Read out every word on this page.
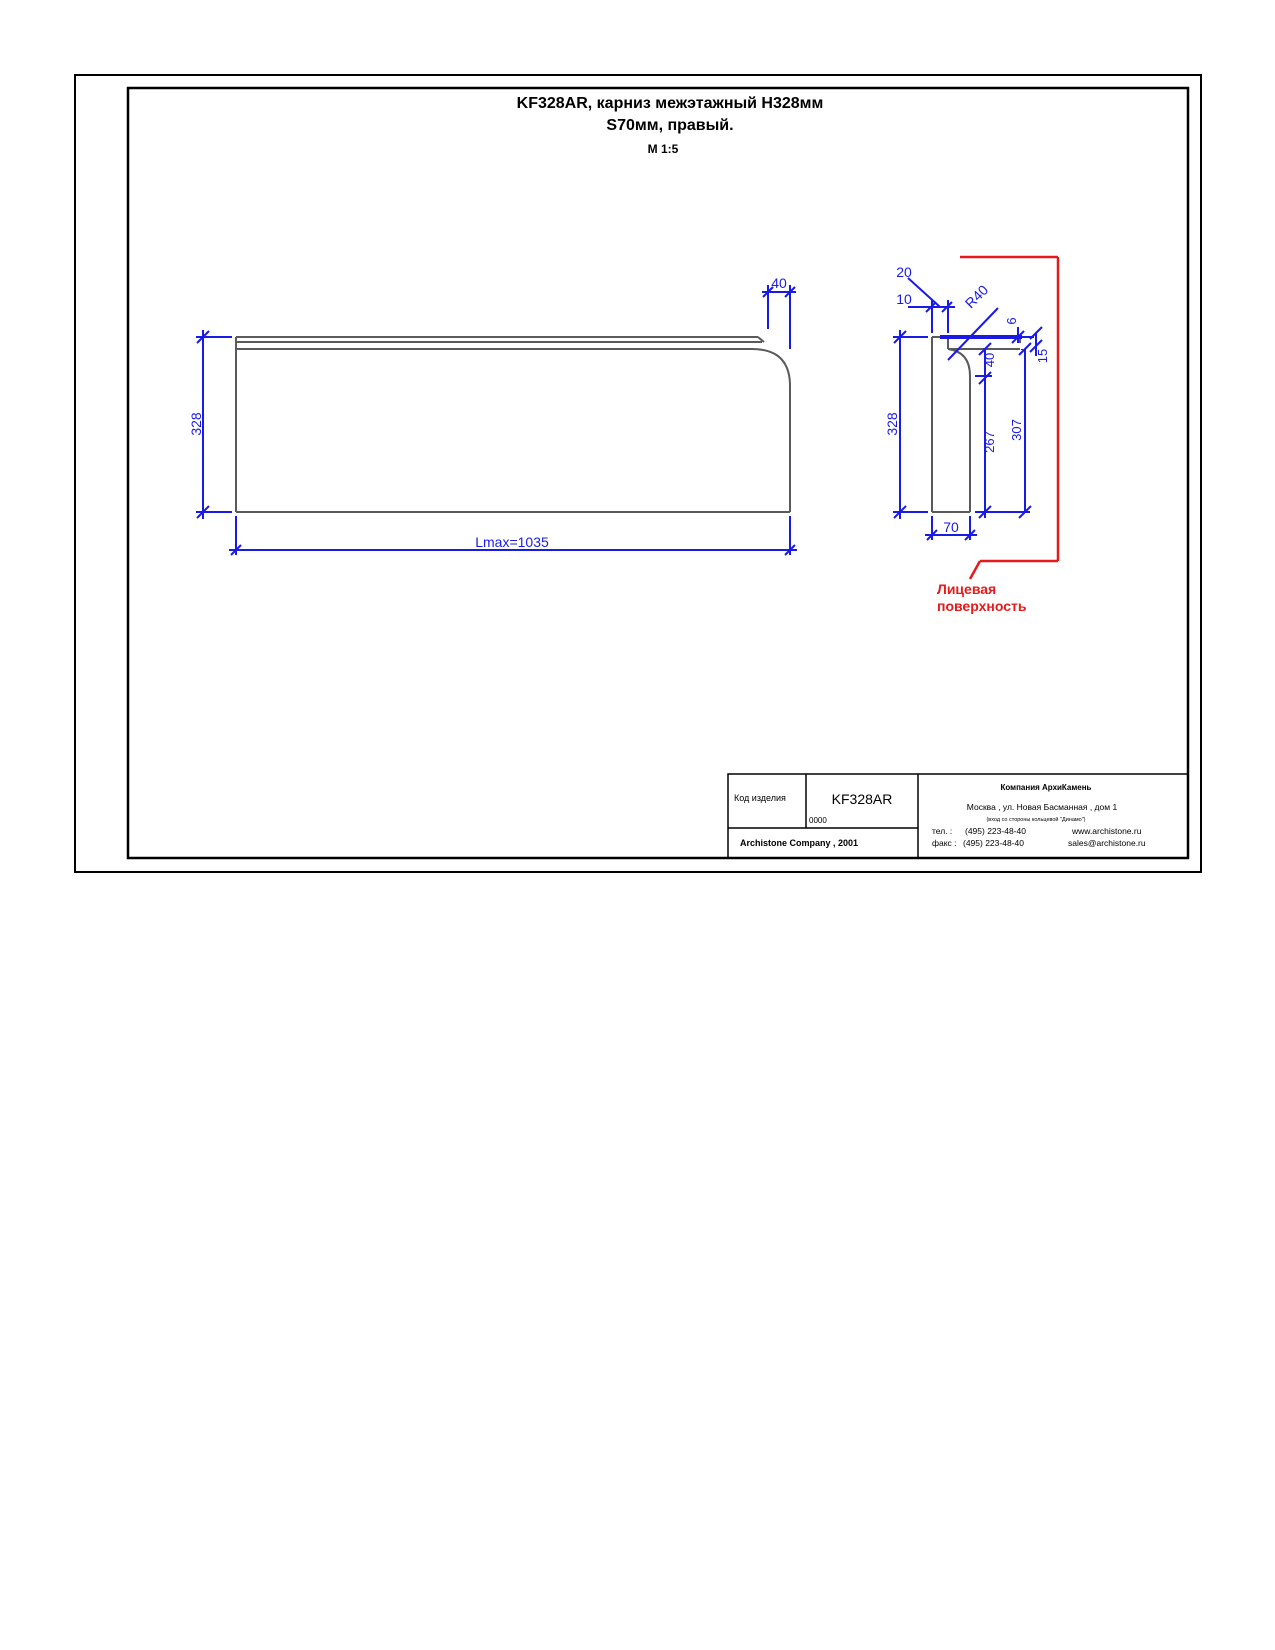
KF328AR, карниз межэтажный H328мм
S70мм, правый.
М 1:5
328
40
Lmax=1035
Лицевая
поверхность
20
10	R40
6
15
328
40
267
307
70
Код изделия	KF328AR
0000
Archistone Company , 2001
Компания АрхиКамень
Москва , ул. Новая Басманная , дом 1
(вход со стороны кольцевой "Динамо")
тел. : (495) 223-48-40
факс : (495) 223-48-40
www.archistone.ru
sales@archistone.ru
